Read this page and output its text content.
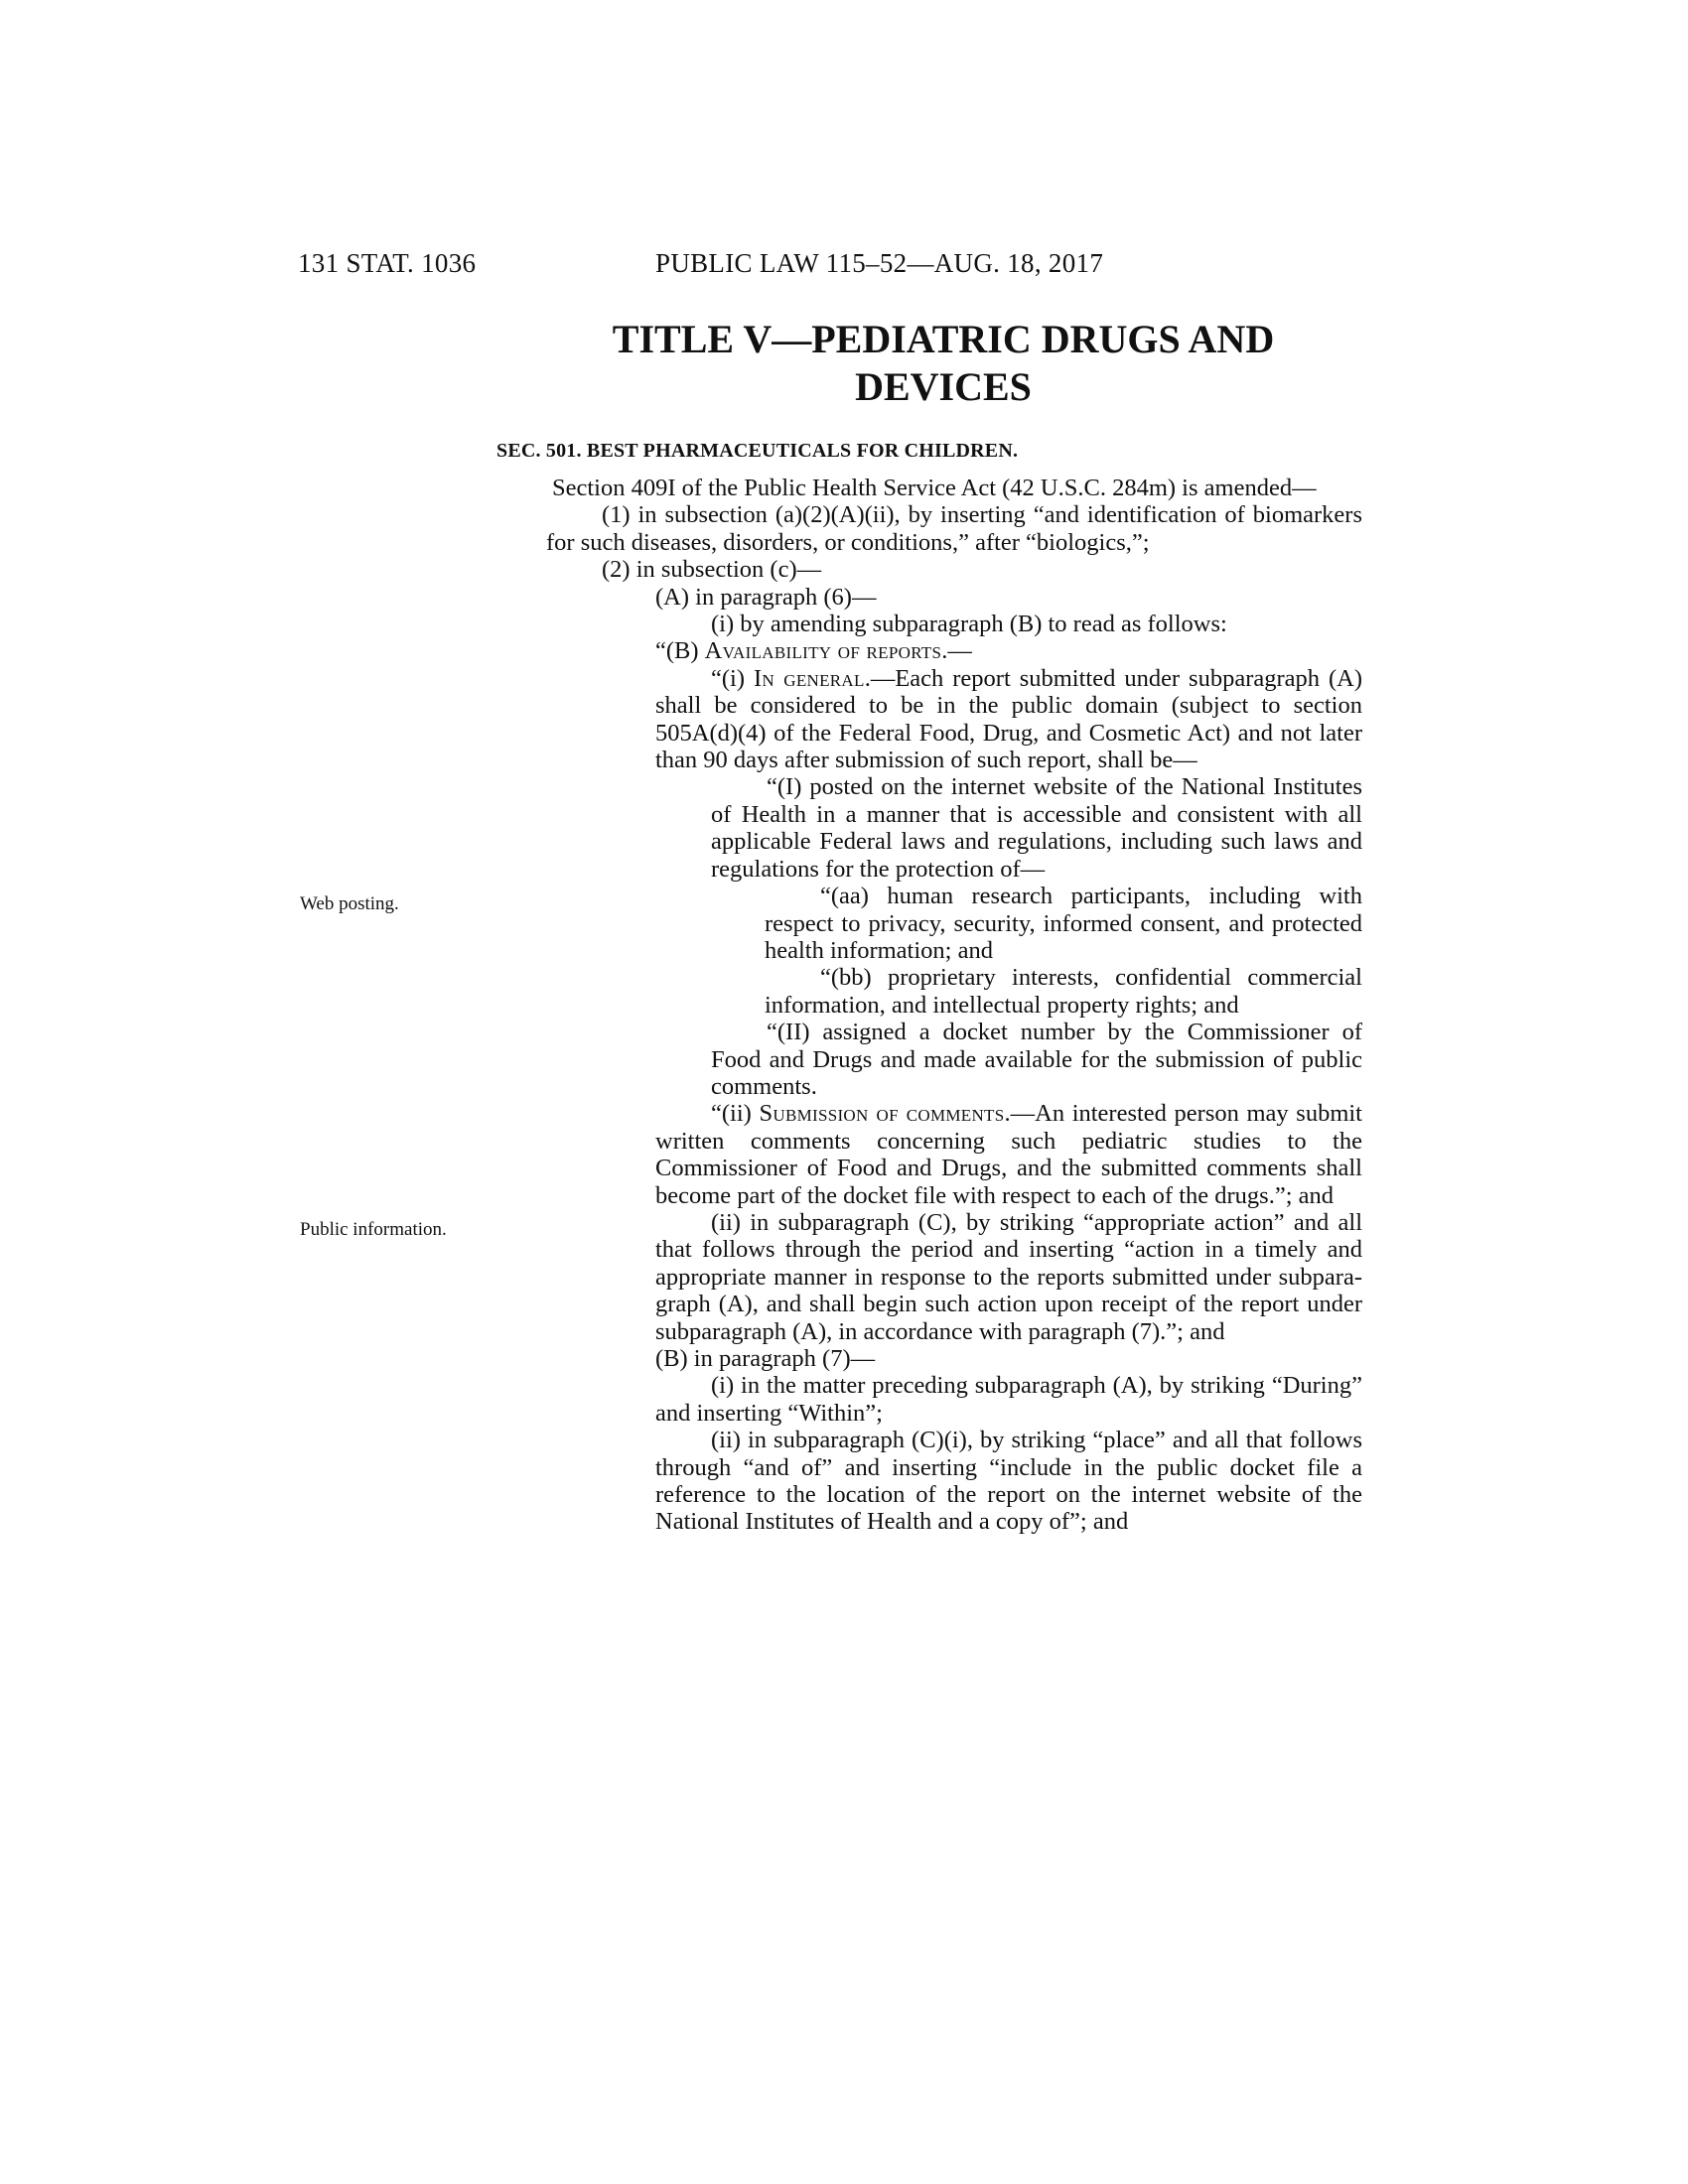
131 STAT. 1036	PUBLIC LAW 115–52—AUG. 18, 2017
TITLE V—PEDIATRIC DRUGS AND
DEVICES
SEC. 501. BEST PHARMACEUTICALS FOR CHILDREN.
Web posting.
Public information.

Section 409I of the Public Health Service Act (42 U.S.C. 284m) is amended—

(1) in subsection (a)(2)(A)(ii), by inserting “and identification of biomarkers for such diseases, disorders, or conditions,” after “biologics,”;

(2) in subsection (c)—

(A) in paragraph (6)—

(i) by amending subparagraph (B) to read as follows:

“(B) Availability of reports.—

“(i) In general.—Each report submitted under subparagraph (A) shall be considered to be in the public domain (subject to section 505A(d)(4) of the Federal Food, Drug, and Cosmetic Act) and not later than 90 days after submission of such report, shall be—

“(I) posted on the internet website of the National Institutes of Health in a manner that is accessible and consistent with all applicable Federal laws and regulations, including such laws and regulations for the protection of—

“(aa) human research participants, including with respect to privacy, security, informed consent, and protected health information; and

“(bb) proprietary interests, confidential commercial information, and intellectual property rights; and

“(II) assigned a docket number by the Commissioner of Food and Drugs and made available for the submission of public comments.

“(ii) Submission of comments.—An interested person may submit written comments concerning such pediatric studies to the Commissioner of Food and Drugs, and the submitted comments shall become part of the docket file with respect to each of the drugs.”; and

(ii) in subparagraph (C), by striking “appropriate action” and all that follows through the period and inserting “action in a timely and appropriate manner in response to the reports submitted under subparagraph (A), and shall begin such action upon receipt of the report under subparagraph (A), in accordance with paragraph (7).”; and

(B) in paragraph (7)—

(i) in the matter preceding subparagraph (A), by striking “During” and inserting “Within”;

(ii) in subparagraph (C)(i), by striking “place” and all that follows through “and of” and inserting “include in the public docket file a reference to the location of the report on the internet website of the National Institutes of Health and a copy of”; and
